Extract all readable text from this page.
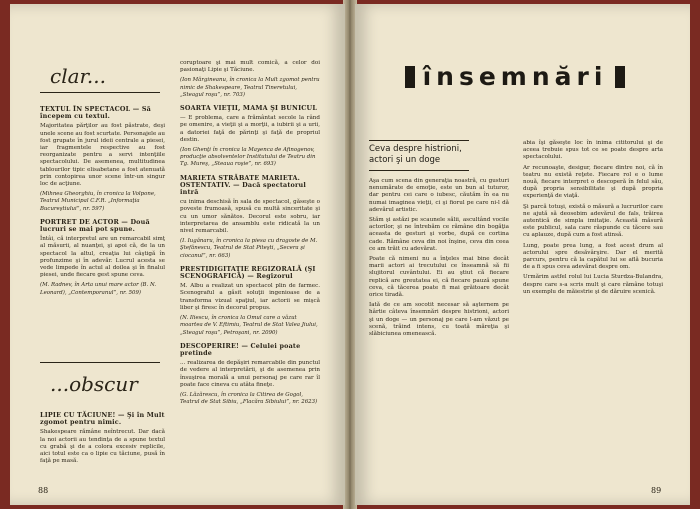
clar...
TEXTUL ÎN SPECTACOL — Să începem cu textul.

Majoritatea părţilor au fost păstrate, deşi unele scene au fost scurtate. Personajele au fost grupate în jurul ideii centrale a piesei, iar fragmentele respective au fost reorganizate pentru a servi intenţiile spectacolului. De asemenea, multitudinea tablourilor tipic elisabetane a fost atenuată prin contopirea unor scene într-un singur loc de acţiune.

(Mihnea Gheorghiu, în cronica la Volpone, Teatrul Municipal C.F.R. „Informaţia Bucureştiului”, nr. 597)

PORTRET DE ACTOR — Două lucruri se mai pot spune.

Întâi, că interpretul are un remarcabil simţ al măsurii, al nuanţei, şi apoi că, de la un spectacol la altul, creaţia lui câştigă în profunzime şi în adevăr. Lucrul acesta se vede limpede în actul al doilea şi în finalul piesei, unde fiecare gest spune ceva.

(M. Radnev, în Arta unui mare actor (B. N. Leonard), „Contemporanul”, nr. 509)

...obscur
LIPIE CU TĂCIUNE! — Şi în Mult zgomot pentru nimic.

Shakespeare rămâne neîntrecut. Dar dacă la noi actorii au tendinţa de a spune textul cu grabă şi de a colora excesiv replicile, aici totul este ca o lipie cu tăciune, pusă în faţă pe masă.

coruptoare şi mai mult comică, a celor doi pasionaţi Lipie şi Tăciune.

(Ion Mărgineanu, în cronica la Mult zgomot pentru nimic de Shakespeare, Teatrul Tineretului, „Steagul roşu”, nr. 703)

SOARTA VIEŢII, MAMA ŞI BUNICUL

— E problema, care a frământat secole la rând pe omenire, a vieţii şi a morţii, a iubirii şi a urii, a datoriei faţă de părinţi şi faţă de propriul destin.

(Ion Ghenţi în cronica la Mayenca de Afinogenov, producţie absolventelor Institutului de Teatru din Tg. Mureş, „Steaua roşie”, nr. 693)

MARIETA STRĂBATE MARIETA. OSTENTATIV. — Dacă spectatorul intră

cu inima deschisă în sala de spectacol, găseşte o poveste frumoasă, spusă cu multă sinceritate şi cu un umor sănătos. Decorul este sobru, iar interpretarea de ansamblu este ridicată la un nivel remarcabil.

(I. Iugănaru, în cronica la piesa cu dragoste de M. Ştefănescu, Teatrul de Stat Piteşti, „Secera şi ciocanul”, nr. 663)

PRESTIDIGITAŢIE REGIZORALĂ (ŞI SCENOGRAFICĂ) — Regizorul

M. Albu a realizat un spectacol plin de farmec. Scenograful a găsit soluţii ingenioase de a transforma vizual spaţiul, iar actorii se mişcă liber şi firesc în decorul propus.

(N. Iliescu, în cronica la Omul care a văzut moartea de V. Eftimiu, Teatrul de Stat Valea Jiului, „Steagul roşu”, Petroşani, nr. 2090)

DESCOPERIRE! — Celulei poate pretinde

... realizarea de depăşiri remarcabile din punctul de vedere al interpretării, şi de asemenea prin însuşirea morală a unui personaj pe care rar îl poate face cineva cu atâta fineţe.

(G. Lăzărescu, în cronica la Citirea de Gogol, Teatrul de Stat Sibiu, „Flacăra Sibiului”, nr. 2623)

88
însemnări
Ceva despre histrioni, actori şi un doge

Aşa cum scena din generaţia noastră, cu gusturi nenumărate de emoţie, este un bun al tuturor, dar pentru cei care o iubesc, căutăm în ea nu numai imaginea vieţii, ci şi fiorul pe care ni-l dă adevărul artistic.

Stăm şi astăzi pe scaunele sălii, ascultând vocile actorilor, şi ne întrebăm ce rămâne din bogăţia aceasta de gesturi şi vorbe, după ce cortina cade. Rămâne ceva din noi înşine, ceva din ceea ce am trăit cu adevărat.

Poate că nimeni nu a înţeles mai bine decât marii actori ai trecutului ce înseamnă să fii slujitorul cuvântului. Ei au ştiut că fiecare replică are greutatea ei, că fiecare pauză spune ceva, că tăcerea poate fi mai grăitoare decât orice tiradă.

Iată de ce am socotit necesar să aşternem pe hârtie câteva însemnări despre histrioni, actori şi un doge — un personaj pe care l-am văzut pe scenă, trăind intens, cu toată măreţia şi slăbiciunea omenească.

abia îşi găseşte loc în inima cititorului şi de aceea trebuie spus tot ce se poate despre arta spectacolului.

Ar recunoaşte, desigur, fiecare dintre noi, că în teatru nu există reţete. Fiecare rol e o lume nouă, fiecare interpret o descoperă în felul său, după propria sensibilitate şi după propria experienţă de viaţă.

Şi parcă totuşi, există o măsură a lucrurilor care ne ajută să deosebim adevărul de fals, trăirea autentică de simpla imitaţie. Această măsură este publicul, sala care răspunde cu tăcere sau cu aplauze, după cum a fost atinsă.

Lung, poate prea lung, a fost acest drum al actorului spre desăvârşire. Dar el merită parcurs, pentru că la capătul lui se află bucuria de a fi spus ceva adevărat despre om.

Urmărim astfel rolul lui Lucia Sturdza-Bulandra, despre care s-a scris mult şi care rămâne totuşi un exemplu de măiestrie şi de dăruire scenică.

89
